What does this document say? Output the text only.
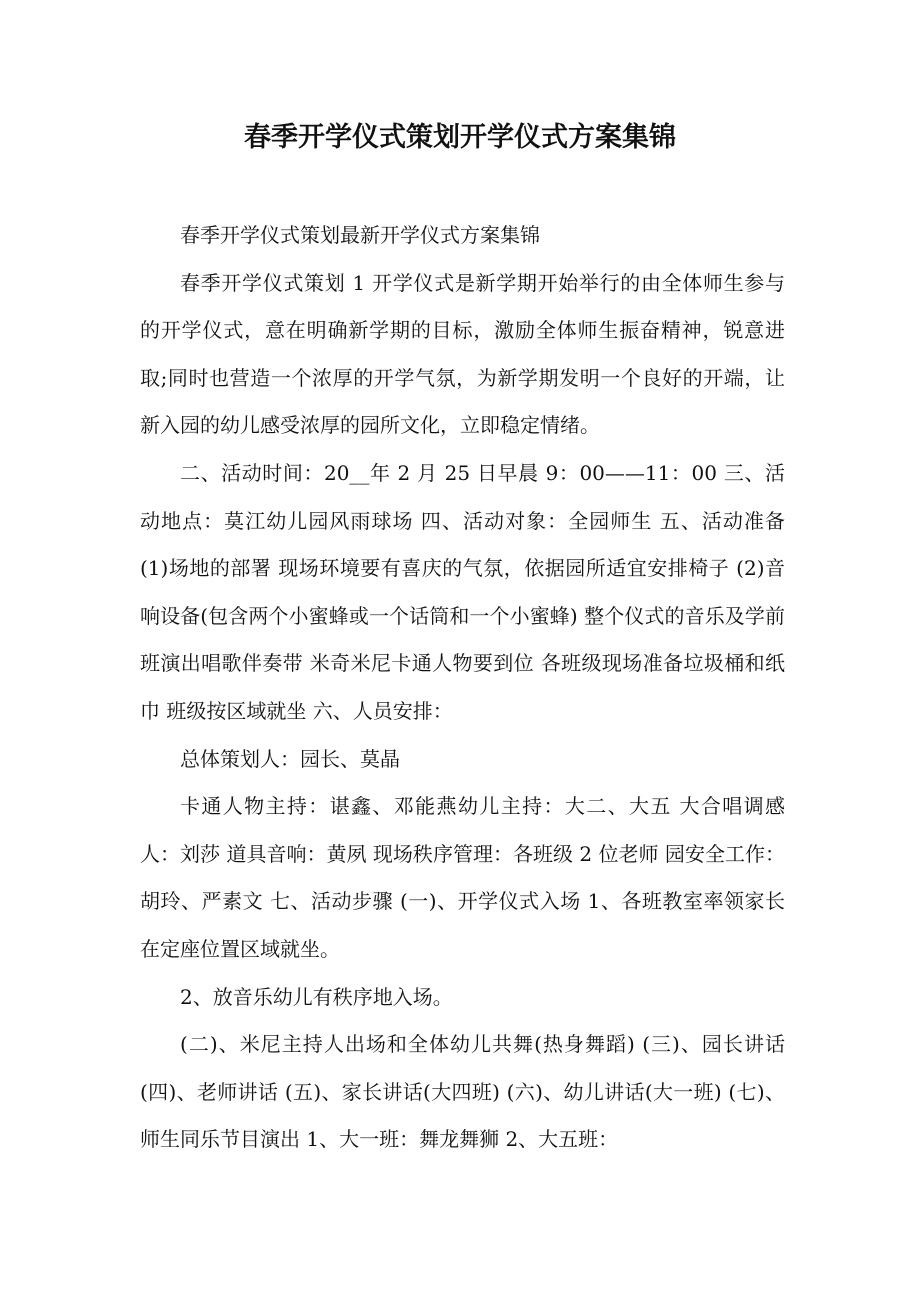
春季开学仪式策划开学仪式方案集锦

春季开学仪式策划最新开学仪式方案集锦

春季开学仪式策划 1 开学仪式是新学期开始举行的由全体师生参与的开学仪式，意在明确新学期的目标，激励全体师生振奋精神，锐意进取;同时也营造一个浓厚的开学气氛，为新学期发明一个良好的开端，让新入园的幼儿感受浓厚的园所文化，立即稳定情绪。

二、活动时间：20__年 2 月 25 日早晨 9：00——11：00 三、活动地点：莫江幼儿园风雨球场 四、活动对象：全园师生 五、活动准备 (1)场地的部署 现场环境要有喜庆的气氛，依据园所适宜安排椅子 (2)音响设备(包含两个小蜜蜂或一个话筒和一个小蜜蜂) 整个仪式的音乐及学前班演出唱歌伴奏带 米奇米尼卡通人物要到位 各班级现场准备垃圾桶和纸巾 班级按区域就坐 六、人员安排：

总体策划人：园长、莫晶

卡通人物主持：谌鑫、邓能燕幼儿主持：大二、大五 大合唱调感人：刘莎 道具音响：黄夙 现场秩序管理：各班级 2 位老师 园安全工作：胡玲、严素文 七、活动步骤 (一)、开学仪式入场 1、各班教室率领家长在定座位置区域就坐。

2、放音乐幼儿有秩序地入场。

(二)、米尼主持人出场和全体幼儿共舞(热身舞蹈) (三)、园长讲话 (四)、老师讲话 (五)、家长讲话(大四班) (六)、幼儿讲话(大一班) (七)、师生同乐节目演出 1、大一班：舞龙舞狮 2、大五班：
